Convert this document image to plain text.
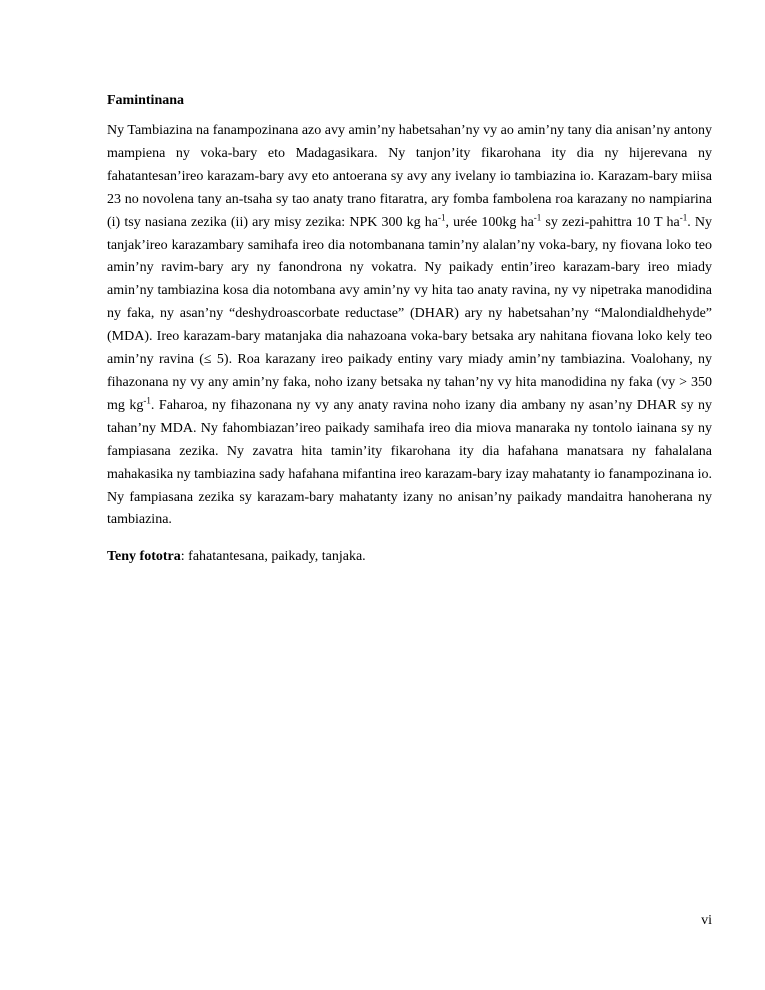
Famintinana

Ny Tambiazina na fanampozinana azo avy amin’ny habetsahan’ny vy ao amin’ny tany dia anisan’ny antony mampiena ny voka-bary eto Madagasikara. Ny tanjon’ity fikarohana ity dia ny hijerevana ny fahatantesan’ireo karazam-bary avy eto antoerana sy avy any ivelany io tambiazina io. Karazam-bary miisa 23 no novolena tany an-tsaha sy tao anaty trano fitaratra, ary fomba fambolena roa karazany no nampiarina (i) tsy nasiana zezika (ii) ary misy zezika: NPK 300 kg $ha^{-1}$, urée 100kg $ha^{-1}$ sy zezi-pahittra 10 T $ha^{-1}$. Ny tanjak’ireo karazambary samihafa ireo dia notombanana tamin’ny alalan’ny voka-bary, ny fiovana loko teo amin’ny ravim-bary ary ny fanondrona ny vokatra. Ny paikady entin’ireo karazam-bary ireo miady amin’ny tambiazina kosa dia notombana avy amin’ny vy hita tao anaty ravina, ny vy nipetraka manodidina ny faka, ny asan’ny “deshydroascorbate reductase” (DHAR) ary ny habetsahan’ny “Malondialdhehyde” (MDA). Ireo karazam-bary matanjaka dia nahazoana voka-bary betsaka ary nahitana fiovana loko kely teo amin’ny ravina (≤ 5). Roa karazany ireo paikady entiny vary miady amin’ny tambiazina. Voalohany, ny fihazonana ny vy any amin’ny faka, noho izany betsaka ny tahan’ny vy hita manodidina ny faka (vy > 350 mg $kg^{-1}$. Faharoa, ny fihazonana ny vy any anaty ravina noho izany dia ambany ny asan’ny DHAR sy ny tahan’ny MDA. Ny fahombiazan’ireo paikady samihafa ireo dia miova manaraka ny tontolo iainana sy ny fampiasana zezika. Ny zavatra hita tamin’ity fikarohana ity dia hafahana manatsara ny fahalalana mahakasika ny tambiazina sady hafahana mifantina ireo karazam-bary izay mahatanty io fanampozinana io. Ny fampiasana zezika sy karazam-bary mahatanty izany no anisan’ny paikady mandaitra hanoherana ny tambiazina.

Teny fototra: fahatantesana, paikady, tanjaka.

vi
